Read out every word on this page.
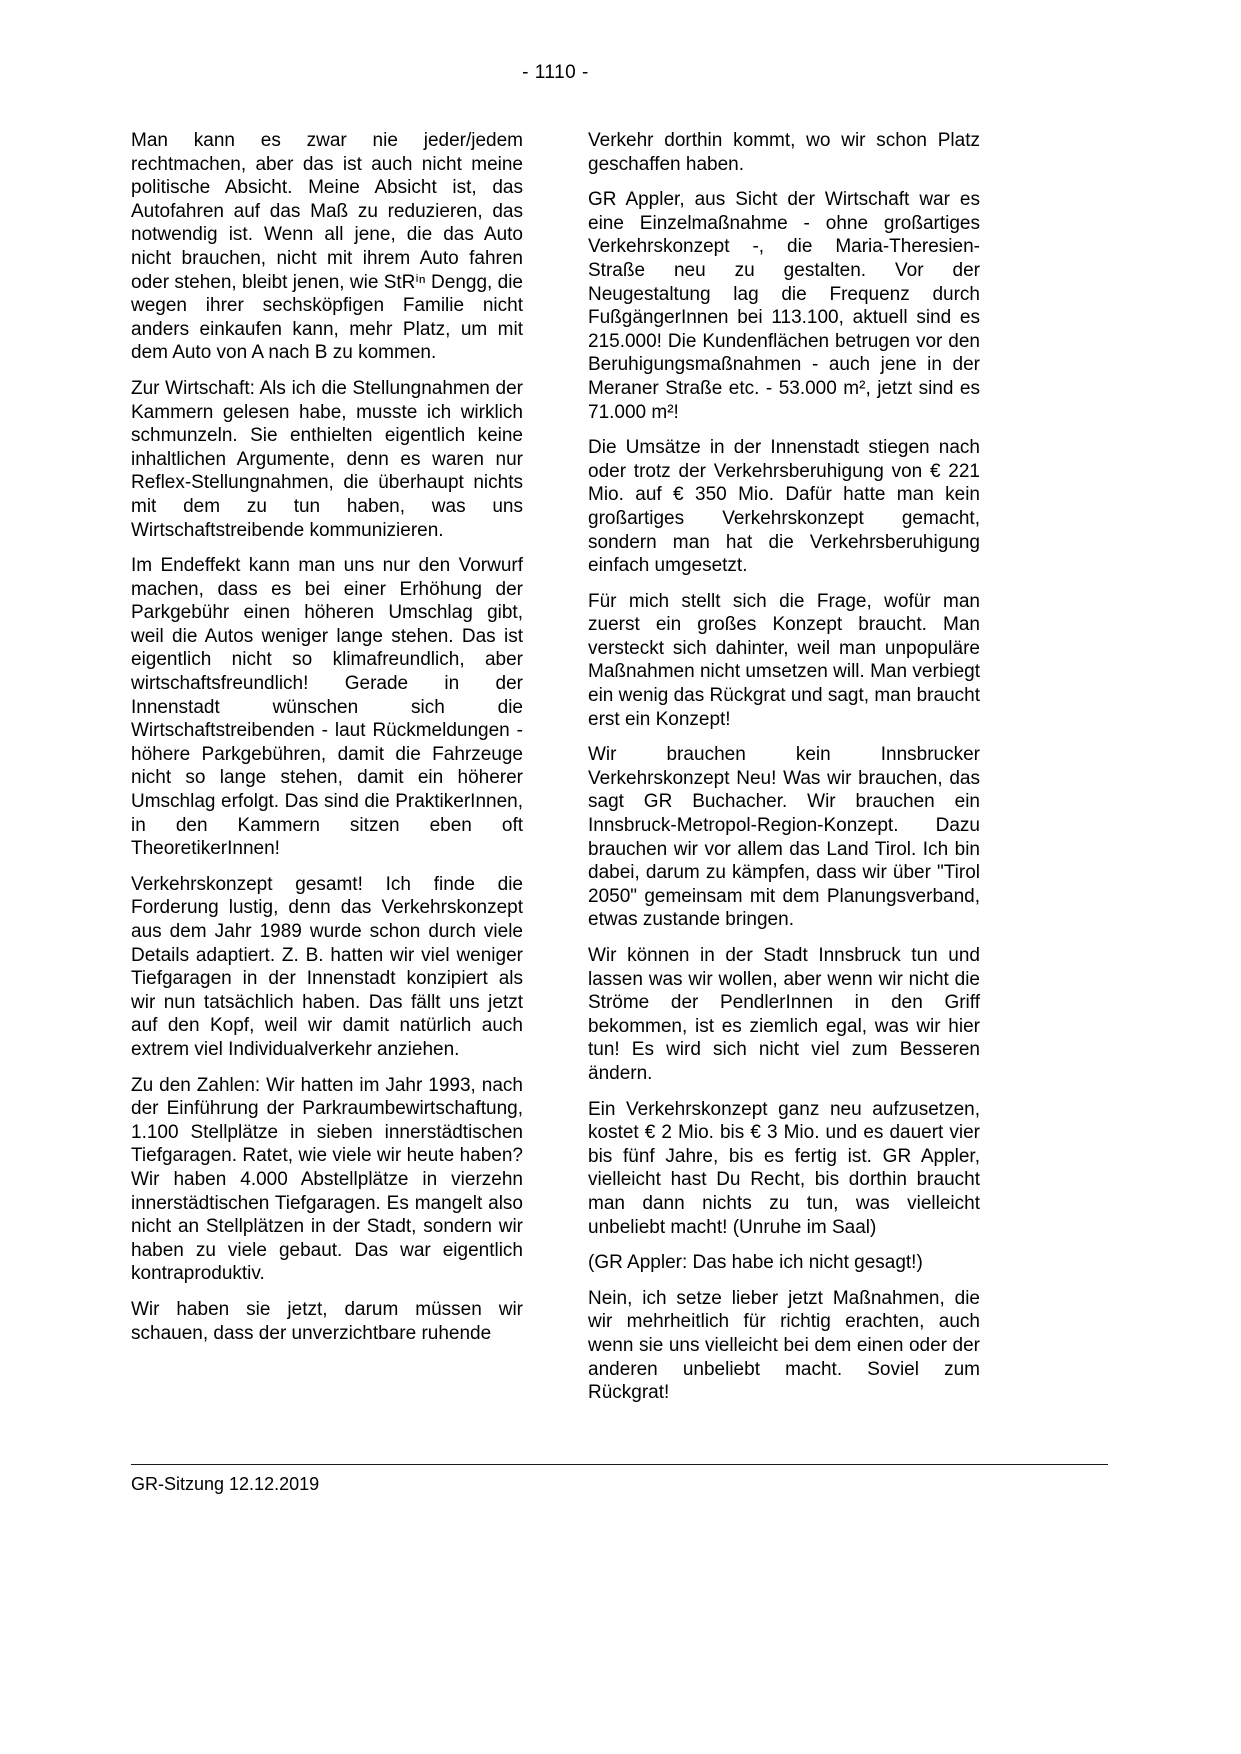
- 1110 -

Man kann es zwar nie jeder/jedem rechtmachen, aber das ist auch nicht meine politische Absicht. Meine Absicht ist, das Autofahren auf das Maß zu reduzieren, das notwendig ist. Wenn all jene, die das Auto nicht brauchen, nicht mit ihrem Auto fahren oder stehen, bleibt jenen, wie StRⁱⁿ Dengg, die wegen ihrer sechsköpfigen Familie nicht anders einkaufen kann, mehr Platz, um mit dem Auto von A nach B zu kommen.

Zur Wirtschaft: Als ich die Stellungnahmen der Kammern gelesen habe, musste ich wirklich schmunzeln. Sie enthielten eigentlich keine inhaltlichen Argumente, denn es waren nur Reflex-Stellungnahmen, die überhaupt nichts mit dem zu tun haben, was uns Wirtschaftstreibende kommunizieren.

Im Endeffekt kann man uns nur den Vorwurf machen, dass es bei einer Erhöhung der Parkgebühr einen höheren Umschlag gibt, weil die Autos weniger lange stehen. Das ist eigentlich nicht so klimafreundlich, aber wirtschaftsfreundlich! Gerade in der Innenstadt wünschen sich die Wirtschaftstreibenden - laut Rückmeldungen - höhere Parkgebühren, damit die Fahrzeuge nicht so lange stehen, damit ein höherer Umschlag erfolgt. Das sind die PraktikerInnen, in den Kammern sitzen eben oft TheoretikerInnen!

Verkehrskonzept gesamt! Ich finde die Forderung lustig, denn das Verkehrskonzept aus dem Jahr 1989 wurde schon durch viele Details adaptiert. Z. B. hatten wir viel weniger Tiefgaragen in der Innenstadt konzipiert als wir nun tatsächlich haben. Das fällt uns jetzt auf den Kopf, weil wir damit natürlich auch extrem viel Individualverkehr anziehen.

Zu den Zahlen: Wir hatten im Jahr 1993, nach der Einführung der Parkraumbewirtschaftung, 1.100 Stellplätze in sieben innerstädtischen Tiefgaragen. Ratet, wie viele wir heute haben? Wir haben 4.000 Abstellplätze in vierzehn innerstädtischen Tiefgaragen. Es mangelt also nicht an Stellplätzen in der Stadt, sondern wir haben zu viele gebaut. Das war eigentlich kontraproduktiv.

Wir haben sie jetzt, darum müssen wir schauen, dass der unverzichtbare ruhende

Verkehr dorthin kommt, wo wir schon Platz geschaffen haben.

GR Appler, aus Sicht der Wirtschaft war es eine Einzelmaßnahme - ohne großartiges Verkehrskonzept -, die Maria-Theresien-Straße neu zu gestalten. Vor der Neugestaltung lag die Frequenz durch FußgängerInnen bei 113.100, aktuell sind es 215.000! Die Kundenflächen betrugen vor den Beruhigungsmaßnahmen - auch jene in der Meraner Straße etc. - 53.000 m², jetzt sind es 71.000 m²!

Die Umsätze in der Innenstadt stiegen nach oder trotz der Verkehrsberuhigung von € 221 Mio. auf € 350 Mio. Dafür hatte man kein großartiges Verkehrskonzept gemacht, sondern man hat die Verkehrsberuhigung einfach umgesetzt.

Für mich stellt sich die Frage, wofür man zuerst ein großes Konzept braucht. Man versteckt sich dahinter, weil man unpopuläre Maßnahmen nicht umsetzen will. Man verbiegt ein wenig das Rückgrat und sagt, man braucht erst ein Konzept!

Wir brauchen kein Innsbrucker Verkehrskonzept Neu! Was wir brauchen, das sagt GR Buchacher. Wir brauchen ein Innsbruck-Metropol-Region-Konzept. Dazu brauchen wir vor allem das Land Tirol. Ich bin dabei, darum zu kämpfen, dass wir über "Tirol 2050" gemeinsam mit dem Planungsverband, etwas zustande bringen.

Wir können in der Stadt Innsbruck tun und lassen was wir wollen, aber wenn wir nicht die Ströme der PendlerInnen in den Griff bekommen, ist es ziemlich egal, was wir hier tun! Es wird sich nicht viel zum Besseren ändern.

Ein Verkehrskonzept ganz neu aufzusetzen, kostet € 2 Mio. bis € 3 Mio. und es dauert vier bis fünf Jahre, bis es fertig ist. GR Appler, vielleicht hast Du Recht, bis dorthin braucht man dann nichts zu tun, was vielleicht unbeliebt macht! (Unruhe im Saal)

(GR Appler: Das habe ich nicht gesagt!)

Nein, ich setze lieber jetzt Maßnahmen, die wir mehrheitlich für richtig erachten, auch wenn sie uns vielleicht bei dem einen oder der anderen unbeliebt macht. Soviel zum Rückgrat!

GR-Sitzung 12.12.2019
